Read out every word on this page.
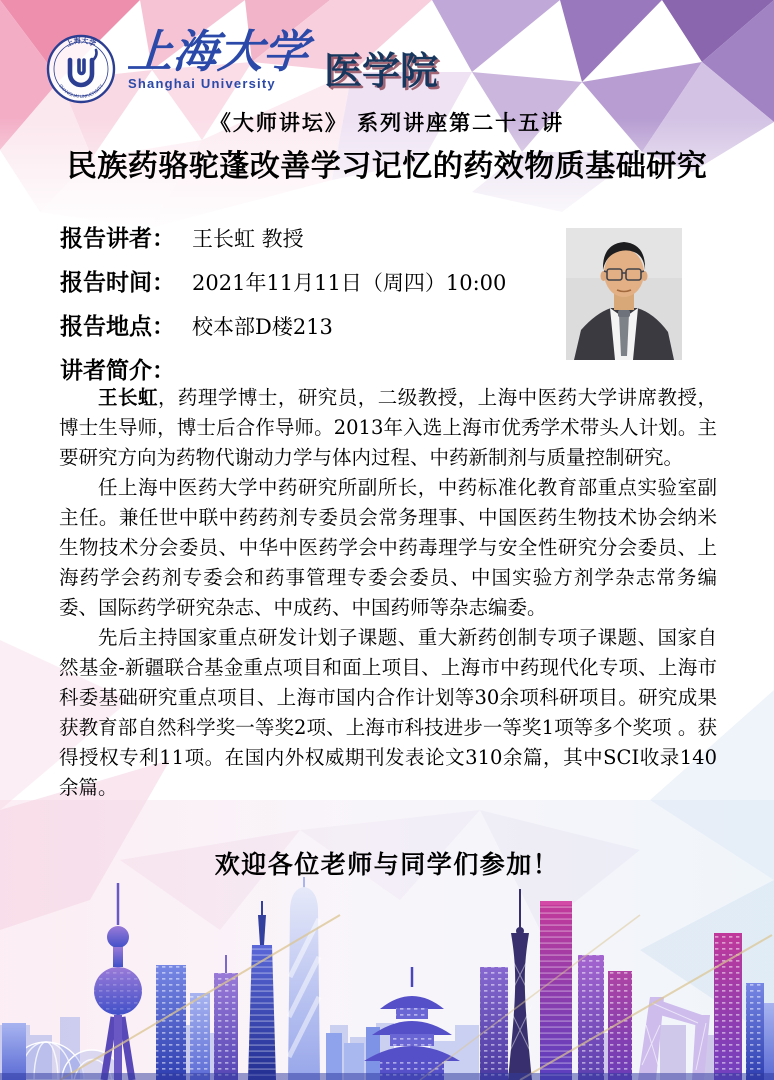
上海大学
SHANGHAI UNIVERSITY
上海大学
Shanghai University	医学院
《大师讲坛》 系列讲座第二十五讲
民族药骆驼蓬改善学习记忆的药效物质基础研究
报告讲者： 王长虹 教授
报告时间： 2021年11月11日（周四）10:00
报告地点： 校本部D楼213
讲者简介：

王长虹，药理学博士，研究员，二级教授，上海中医药大学讲席教授，博士生导师，博士后合作导师。2013年入选上海市优秀学术带头人计划。主要研究方向为药物代谢动力学与体内过程、中药新制剂与质量控制研究。

任上海中医药大学中药研究所副所长，中药标准化教育部重点实验室副主任。兼任世中联中药药剂专委员会常务理事、中国医药生物技术协会纳米生物技术分会委员、中华中医药学会中药毒理学与安全性研究分会委员、上海药学会药剂专委会和药事管理专委会委员、中国实验方剂学杂志常务编委、国际药学研究杂志、中成药、中国药师等杂志编委。

先后主持国家重点研发计划子课题、重大新药创制专项子课题、国家自然基金-新疆联合基金重点项目和面上项目、上海市中药现代化专项、上海市科委基础研究重点项目、上海市国内合作计划等30余项科研项目。研究成果获教育部自然科学奖一等奖2项、上海市科技进步一等奖1项等多个奖项 。获得授权专利11项。在国内外权威期刊发表论文310余篇，其中SCI收录140余篇。

欢迎各位老师与同学们参加！
